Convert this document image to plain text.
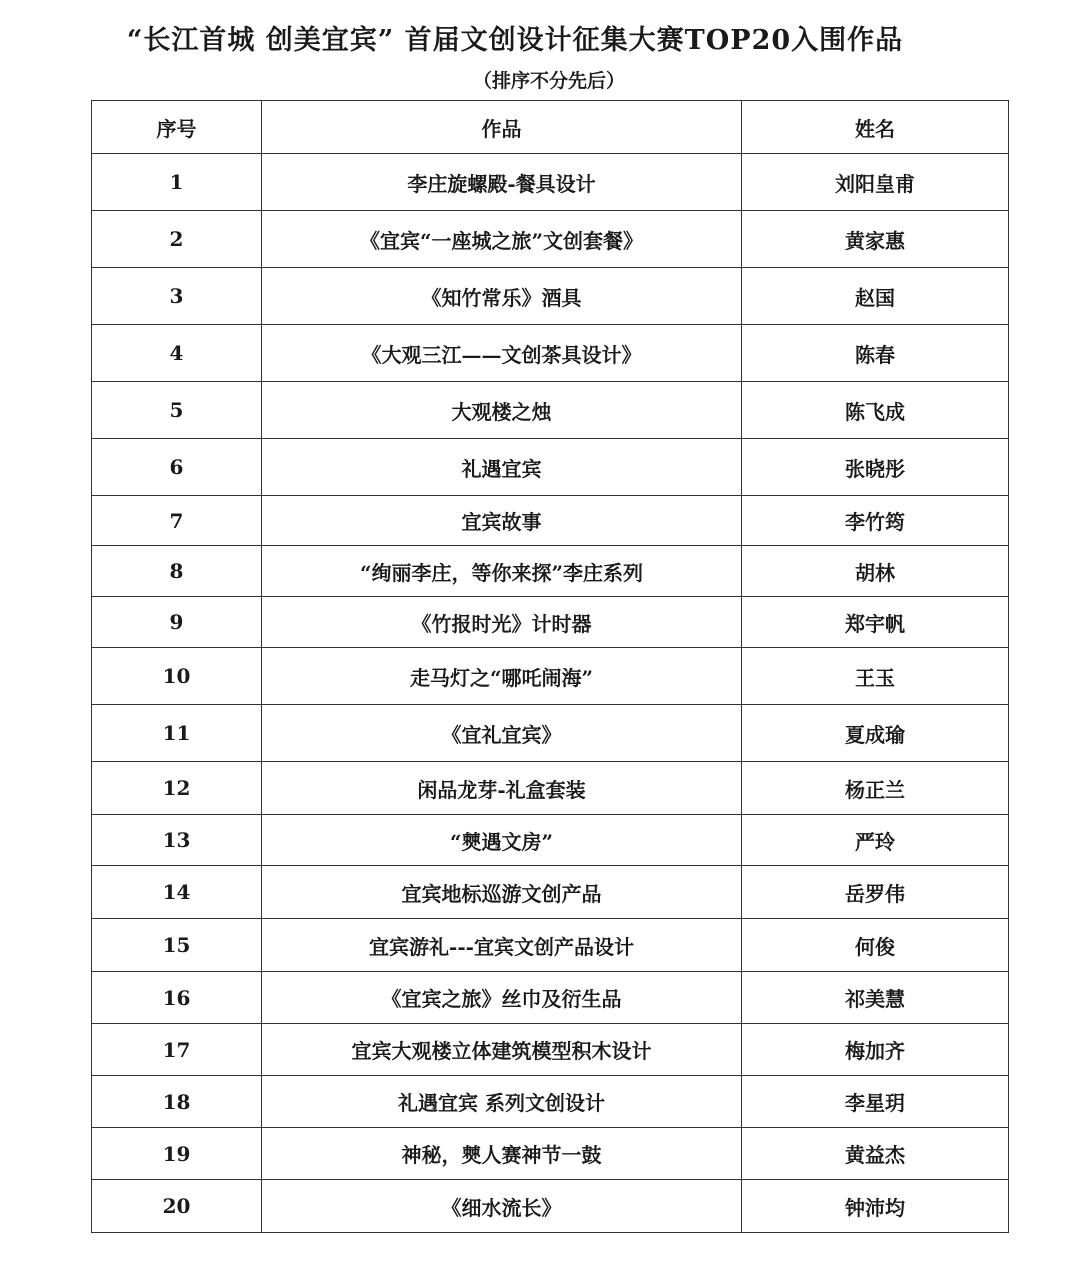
“长江首城 创美宜宾” 首届文创设计征集大赛TOP20入围作品
（排序不分先后）
序号	作品	姓名
1	李庄旋螺殿-餐具设计	刘阳皇甫
2	《宜宾“一座城之旅”文创套餐》	黄家惠
3	《知竹常乐》酒具	赵国
4	《大观三江——文创茶具设计》	陈春
5	大观楼之烛	陈飞成
6	礼遇宜宾	张晓彤
7	宜宾故事	李竹筠
8	“绚丽李庄，等你来探”李庄系列	胡林
9	《竹报时光》计时器	郑宇帆
10	走马灯之“哪吒闹海”	王玉
11	《宜礼宜宾》	夏成瑜
12	闲品龙芽-礼盒套装	杨正兰
13	“僰遇文房”	严玲
14	宜宾地标巡游文创产品	岳罗伟
15	宜宾游礼---宜宾文创产品设计	何俊
16	《宜宾之旅》丝巾及衍生品	祁美慧
17	宜宾大观楼立体建筑模型积木设计	梅加齐
18	礼遇宜宾 系列文创设计	李星玥
19	神秘，僰人赛神节一鼓	黄益杰
20	《细水流长》	钟沛均
